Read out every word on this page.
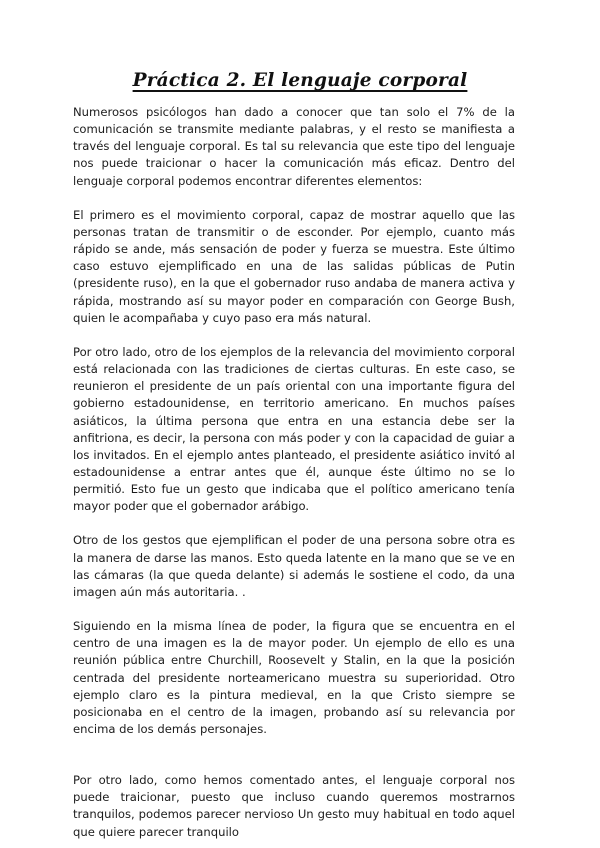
Práctica 2. El lenguaje corporal

Numerosos psicólogos han dado a conocer que tan solo el 7% de la comunicación se transmite mediante palabras, y el resto se manifiesta a través del lenguaje corporal. Es tal su relevancia que este tipo del lenguaje nos puede traicionar o hacer la comunicación más eficaz. Dentro del lenguaje corporal podemos encontrar diferentes elementos:

El primero es el movimiento corporal, capaz de mostrar aquello que las personas tratan de transmitir o de esconder. Por ejemplo, cuanto más rápido se ande, más sensación de poder y fuerza se muestra. Este último caso estuvo ejemplificado en una de las salidas públicas de Putin (presidente ruso), en la que el gobernador ruso andaba de manera activa y rápida, mostrando así su mayor poder en comparación con George Bush, quien le acompañaba y cuyo paso era más natural.

Por otro lado, otro de los ejemplos de la relevancia del movimiento corporal está relacionada con las tradiciones de ciertas culturas. En este caso, se reunieron el presidente de un país oriental con una importante figura del gobierno estadounidense, en territorio americano. En muchos países asiáticos, la última persona que entra en una estancia debe ser la anfitriona, es decir, la persona con más poder y con la capacidad de guiar a los invitados. En el ejemplo antes planteado, el presidente asiático invitó al estadounidense a entrar antes que él, aunque éste último no se lo permitió. Esto fue un gesto que indicaba que el político americano tenía mayor poder que el gobernador arábigo.

Otro de los gestos que ejemplifican el poder de una persona sobre otra es la manera de darse las manos. Esto queda latente en la mano que se ve en las cámaras (la que queda delante) si además le sostiene el codo, da una imagen aún más autoritaria. .

Siguiendo en la misma línea de poder, la figura que se encuentra en el centro de una imagen es la de mayor poder. Un ejemplo de ello es una reunión pública entre Churchill, Roosevelt y Stalin, en la que la posición centrada del presidente norteamericano muestra su superioridad. Otro ejemplo claro es la pintura medieval, en la que Cristo siempre se posicionaba en el centro de la imagen, probando así su relevancia por encima de los demás personajes.

Por otro lado, como hemos comentado antes, el lenguaje corporal nos puede traicionar, puesto que incluso cuando queremos mostrarnos tranquilos, podemos parecer nervioso Un gesto muy habitual en todo aquel que quiere parecer tranquilo
